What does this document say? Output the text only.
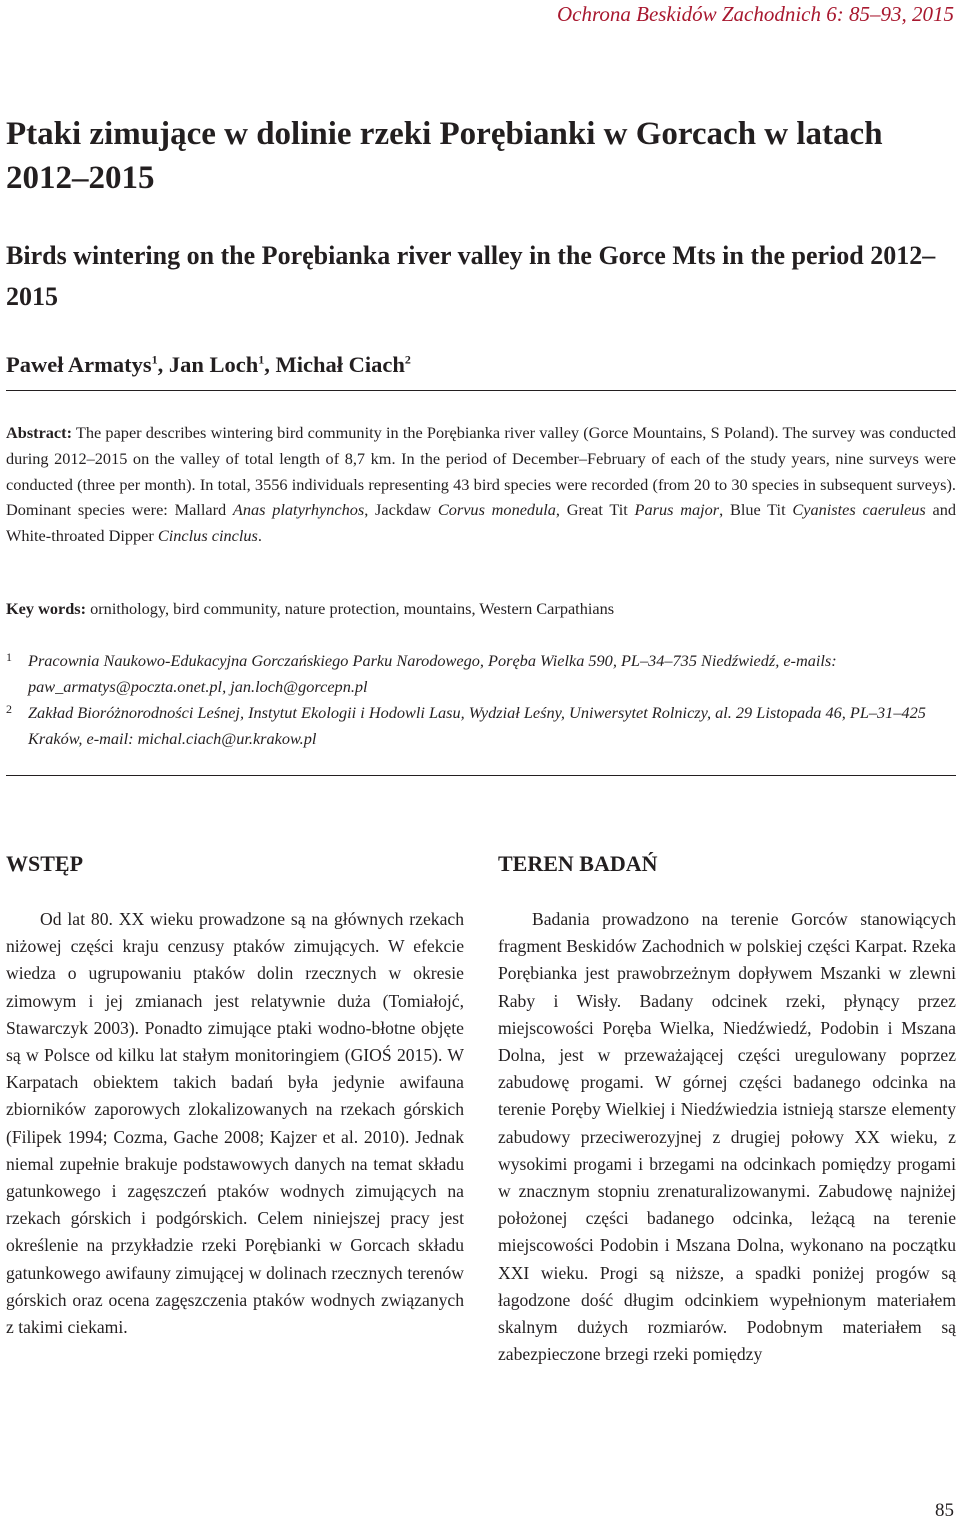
Ochrona Beskidów Zachodnich 6: 85–93, 2015
Ptaki zimujące w dolinie rzeki Porębianki w Gorcach w latach 2012–2015
Birds wintering on the Porębianka river valley in the Gorce Mts in the period 2012–2015
Paweł Armatys$^1$, Jan Loch$^1$, Michał Ciach$^2$

Abstract: The paper describes wintering bird community in the Porębianka river valley (Gorce Mountains, S Poland). The survey was conducted during 2012–2015 on the valley of total length of 8,7 km. In the period of December–February of each of the study years, nine surveys were conducted (three per month). In total, 3556 individuals representing 43 bird species were recorded (from 20 to 30 species in subsequent surveys). Dominant species were: Mallard Anas platyrhynchos, Jackdaw Corvus monedula, Great Tit Parus major, Blue Tit Cyanistes caeruleus and White-throated Dipper Cinclus cinclus.

Key words: ornithology, bird community, nature protection, mountains, Western Carpathians

1 Pracownia Naukowo-Edukacyjna Gorczańskiego Parku Narodowego, Poręba Wielka 590, PL–34–735 Niedźwiedź, e-mails: paw_armatys@poczta.onet.pl, jan.loch@gorcepn.pl
2 Zakład Bioróżnorodności Leśnej, Instytut Ekologii i Hodowli Lasu, Wydział Leśny, Uniwersytet Rolniczy, al. 29 Listopada 46, PL–31–425 Kraków, e-mail: michal.ciach@ur.krakow.pl
WSTĘP

Od lat 80. XX wieku prowadzone są na głównych rzekach niżowej części kraju cenzusy ptaków zimujących. W efekcie wiedza o ugrupowaniu ptaków dolin rzecznych w okresie zimowym i jej zmianach jest relatywnie duża (Tomiałojć, Stawarczyk 2003). Ponadto zimujące ptaki wodno-błotne objęte są w Polsce od kilku lat stałym monitoringiem (GIOŚ 2015). W Karpatach obiektem takich badań była jedynie awifauna zbiorników zaporowych zlokalizowanych na rzekach górskich (Filipek 1994; Cozma, Gache 2008; Kajzer et al. 2010). Jednak niemal zupełnie brakuje podstawowych danych na temat składu gatunkowego i zagęszczeń ptaków wodnych zimujących na rzekach górskich i podgórskich. Celem niniejszej pracy jest określenie na przykładzie rzeki Porębianki w Gorcach składu gatunkowego awifauny zimującej w dolinach rzecznych terenów górskich oraz ocena zagęszczenia ptaków wodnych związanych z takimi ciekami.

TEREN BADAŃ

Badania prowadzono na terenie Gorców stanowiących fragment Beskidów Zachodnich w polskiej części Karpat. Rzeka Porębianka jest prawobrzeżnym dopływem Mszanki w zlewni Raby i Wisły. Badany odcinek rzeki, płynący przez miejscowości Poręba Wielka, Niedźwiedź, Podobin i Mszana Dolna, jest w przeważającej części uregulowany poprzez zabudowę progami. W górnej części badanego odcinka na terenie Poręby Wielkiej i Niedźwiedzia istnieją starsze elementy zabudowy przeciwerozyjnej z drugiej połowy XX wieku, z wysokimi progami i brzegami na odcinkach pomiędzy progami w znacznym stopniu zrenaturalizowanymi. Zabudowę najniżej położonej części badanego odcinka, leżącą na terenie miejscowości Podobin i Mszana Dolna, wykonano na początku XXI wieku. Progi są niższe, a spadki poniżej progów są łagodzone dość długim odcinkiem wypełnionym materiałem skalnym dużych rozmiarów. Podobnym materiałem są zabezpieczone brzegi rzeki pomiędzy

85
